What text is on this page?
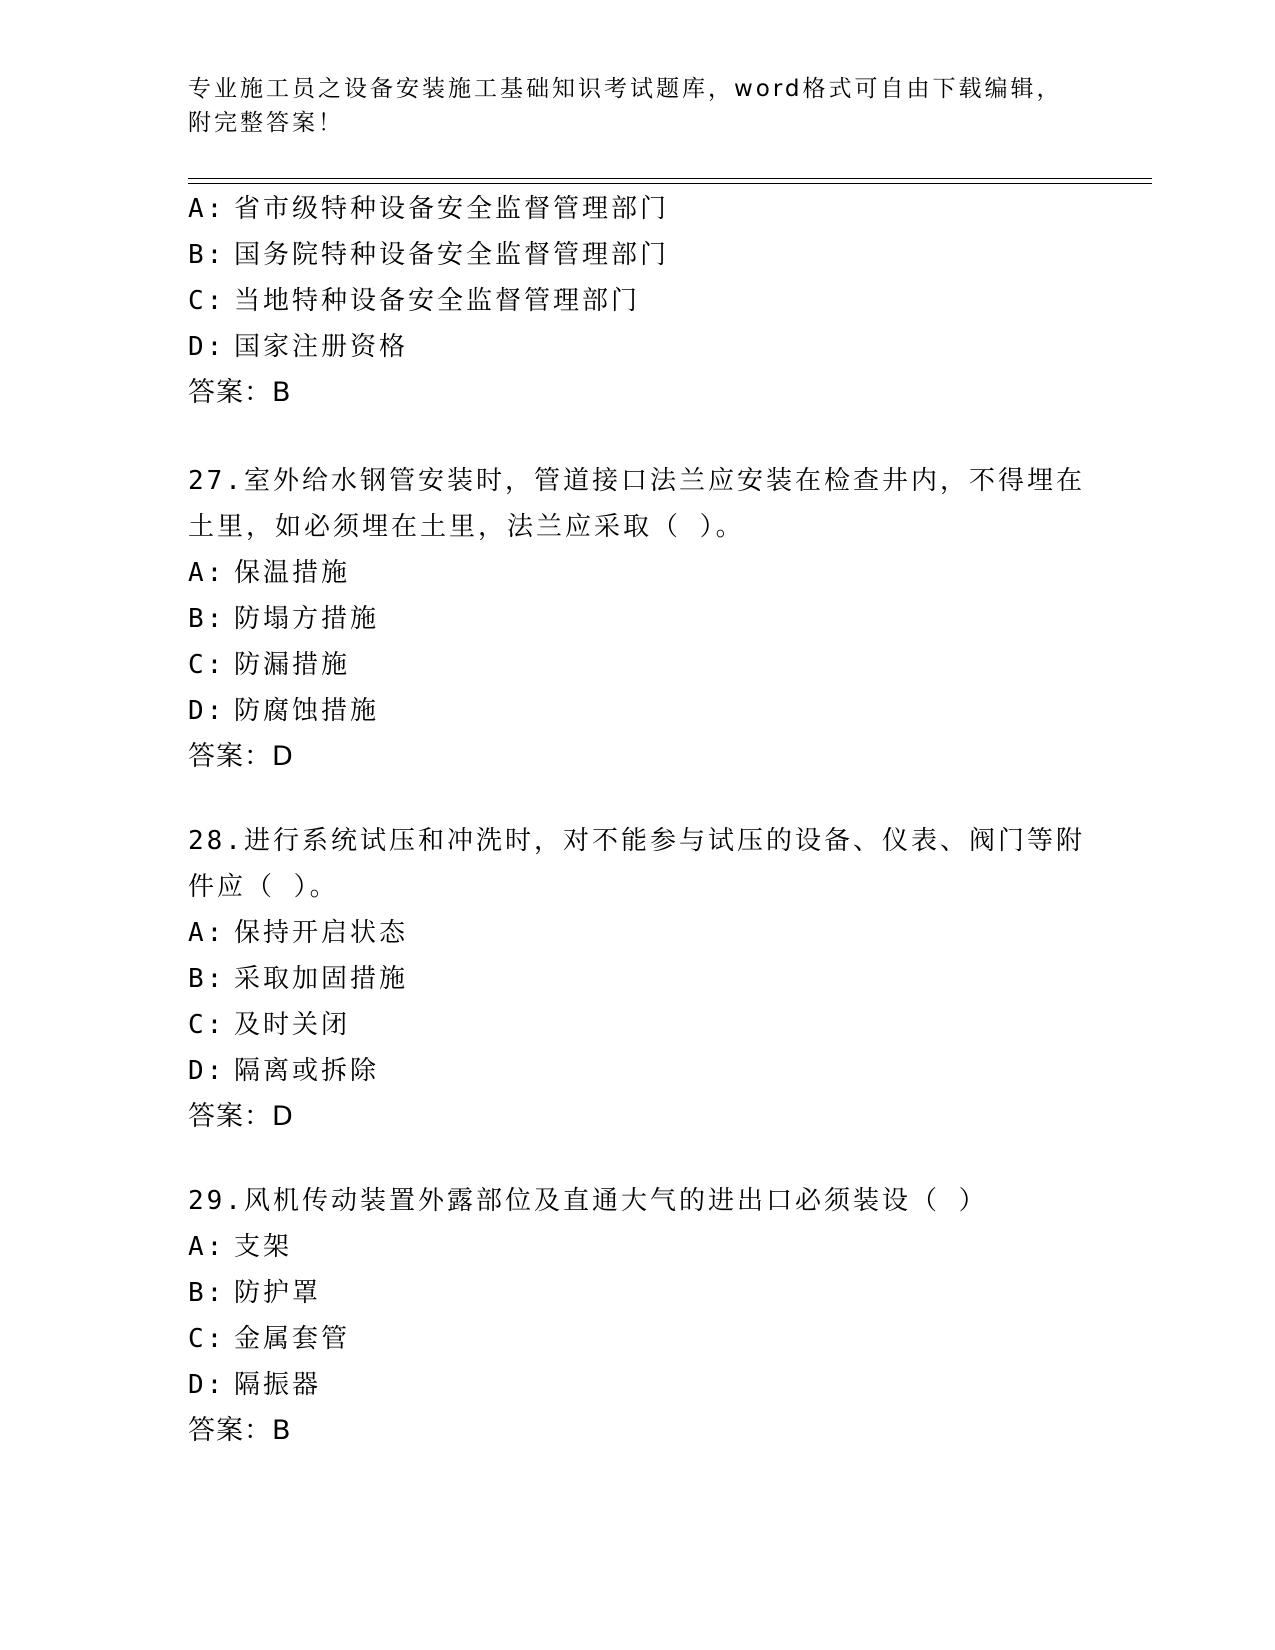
专业施工员之设备安装施工基础知识考试题库，word格式可自由下载编辑，附完整答案！
A: 省市级特种设备安全监督管理部门
B: 国务院特种设备安全监督管理部门
C: 当地特种设备安全监督管理部门
D: 国家注册资格
答案：B
27.室外给水钢管安装时，管道接口法兰应安装在检查井内，不得埋在土里，如必须埋在土里，法兰应采取（ ）。
A: 保温措施
B: 防塌方措施
C: 防漏措施
D: 防腐蚀措施
答案：D
28.进行系统试压和冲洗时，对不能参与试压的设备、仪表、阀门等附件应（ ）。
A: 保持开启状态
B: 采取加固措施
C: 及时关闭
D: 隔离或拆除
答案：D
29.风机传动装置外露部位及直通大气的进出口必须装设（ ）
A: 支架
B: 防护罩
C: 金属套管
D: 隔振器
答案：B
